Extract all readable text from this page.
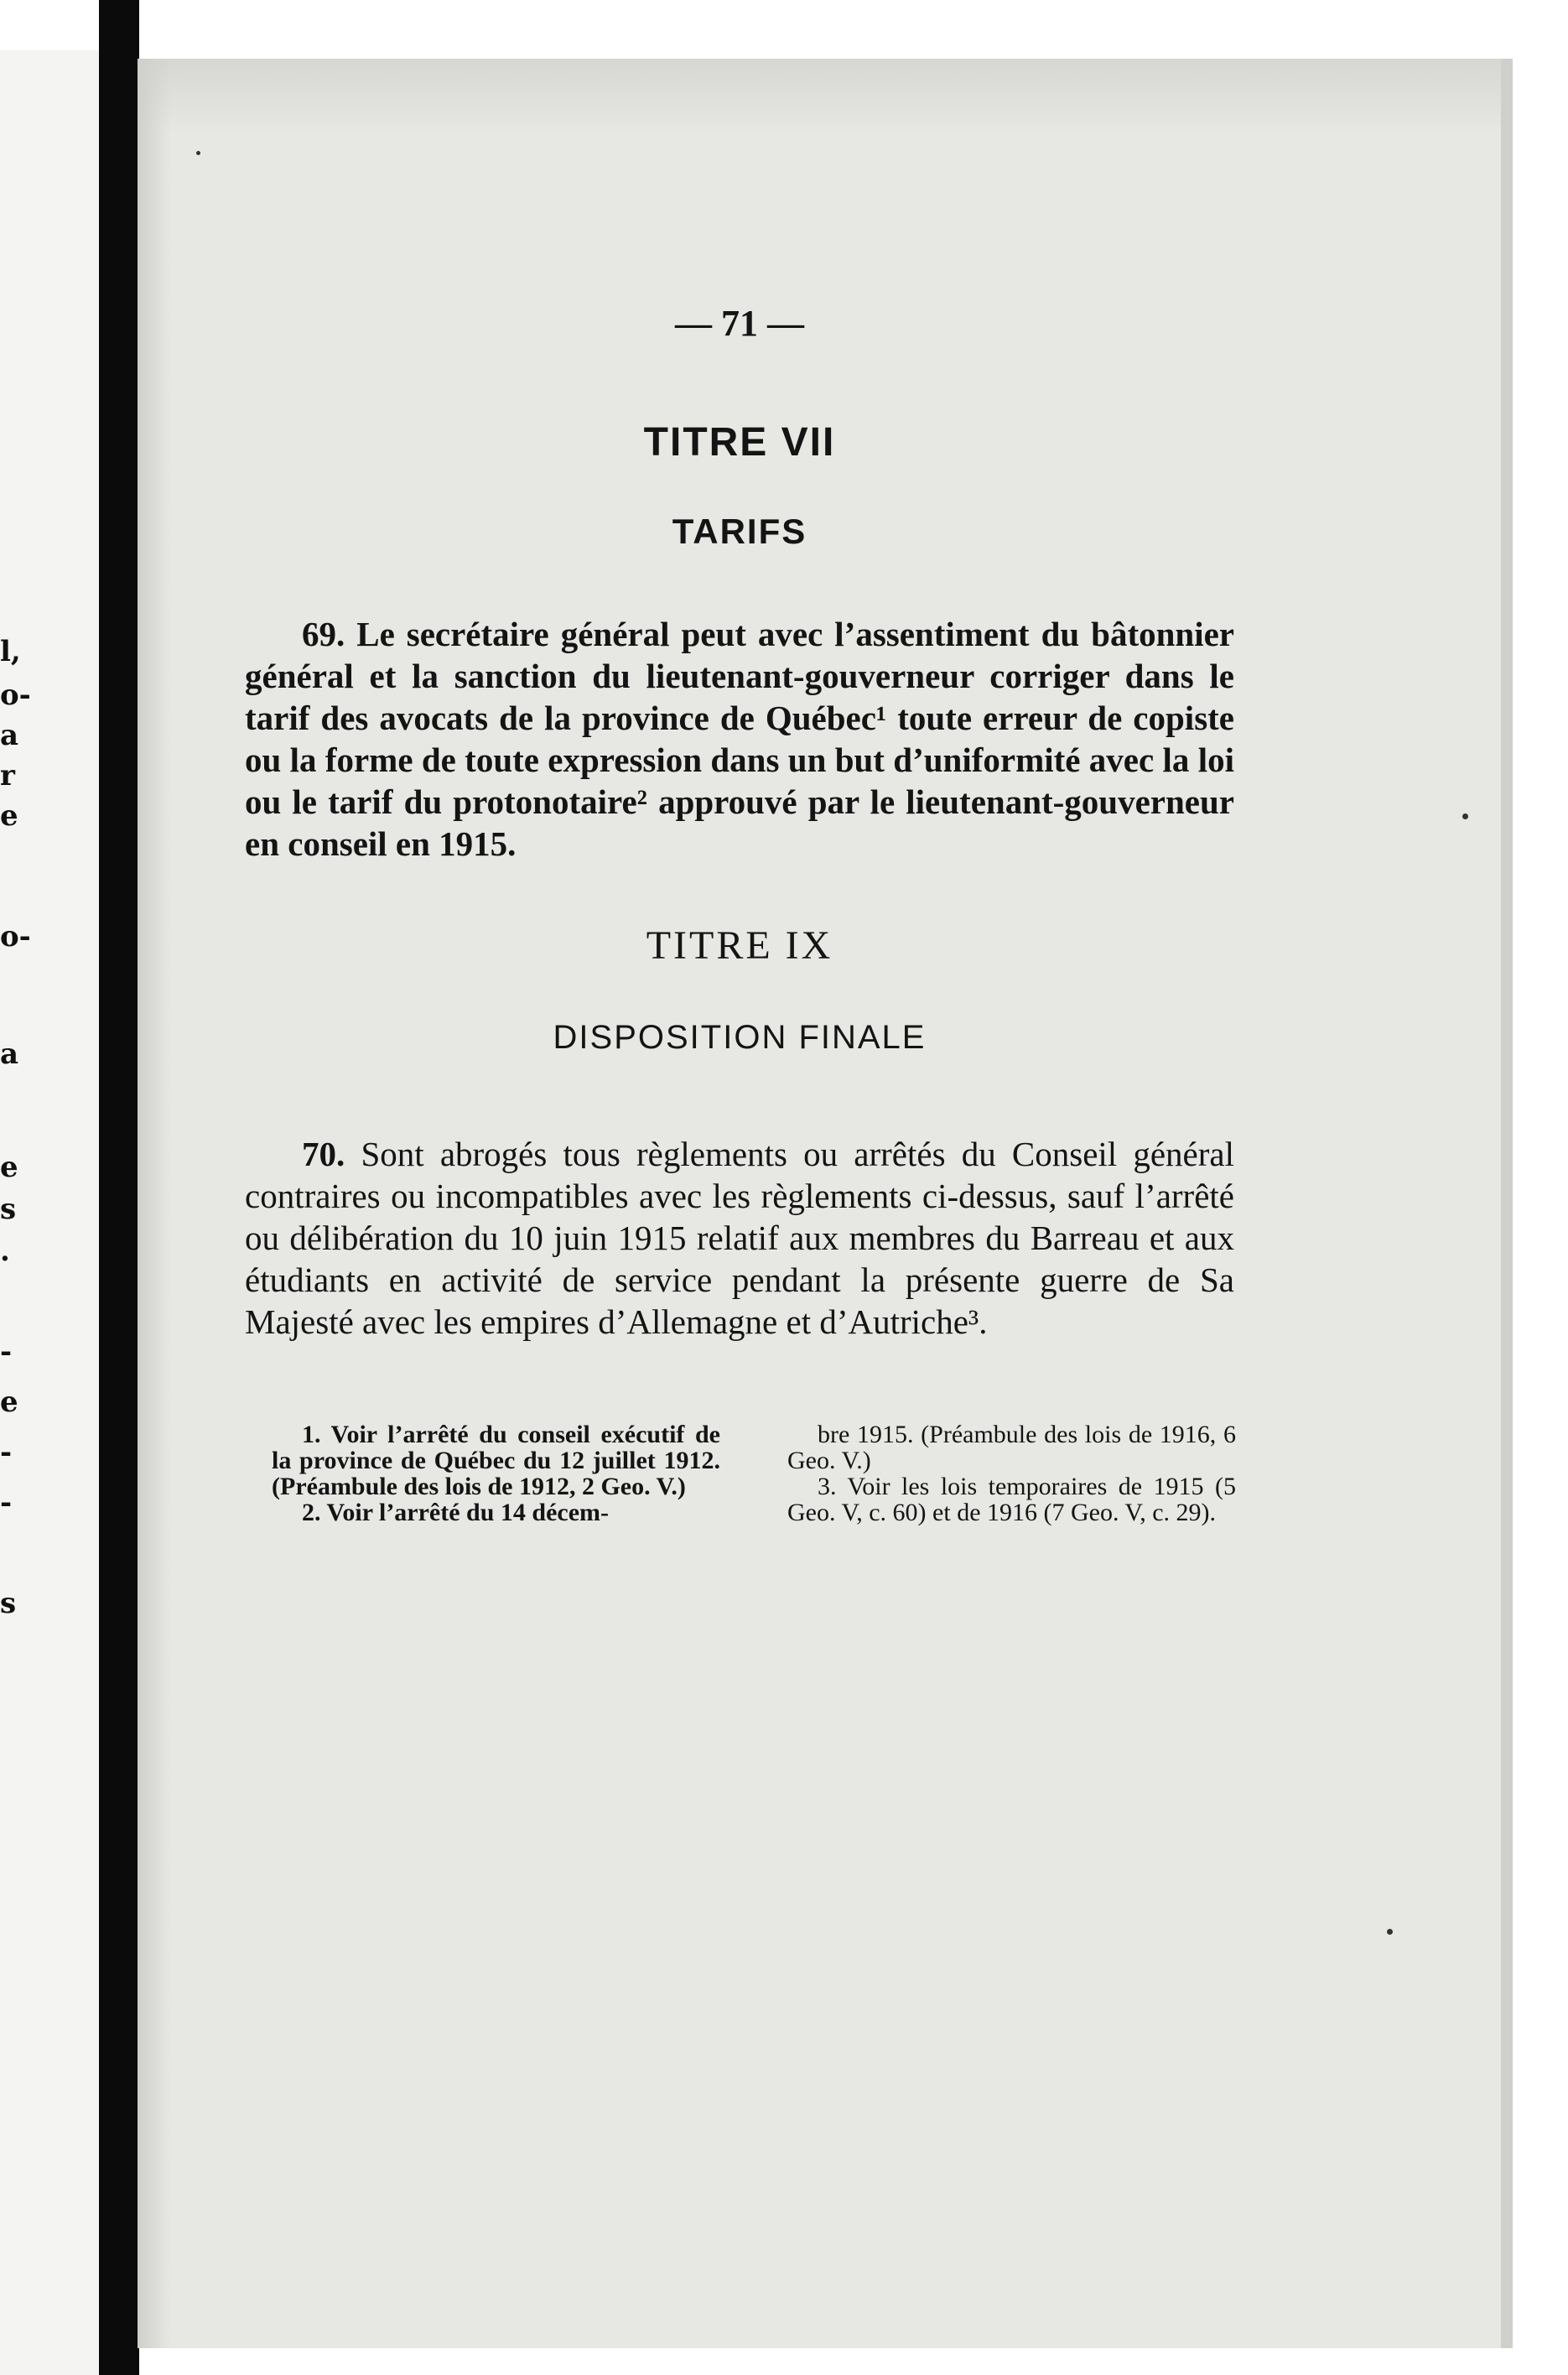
l,
o-
a
r
e
o-
a
e
s
.
-
e
-
-
s
— 71 —
TITRE VII
TARIFS

69. Le secrétaire général peut avec l’assentiment du bâtonnier général et la sanction du lieutenant-gouverneur corriger dans le tarif des avocats de la province de Québec¹ toute erreur de copiste ou la forme de toute expression dans un but d’uniformité avec la loi ou le tarif du protonotaire² approuvé par le lieutenant-gouverneur en conseil en 1915.

TITRE IX
DISPOSITION FINALE

70. Sont abrogés tous règlements ou arrêtés du Conseil général contraires ou incompatibles avec les règlements ci-dessus, sauf l’arrêté ou délibération du 10 juin 1915 relatif aux membres du Barreau et aux étudiants en activité de service pendant la présente guerre de Sa Majesté avec les empires d’Allemagne et d’Autriche³.

1. Voir l’arrêté du conseil exécutif de la province de Québec du 12 juillet 1912. (Préambule des lois de 1912, 2 Geo. V.)

2. Voir l’arrêté du 14 décem-

bre 1915. (Préambule des lois de 1916, 6 Geo. V.)

3. Voir les lois temporaires de 1915 (5 Geo. V, c. 60) et de 1916 (7 Geo. V, c. 29).
